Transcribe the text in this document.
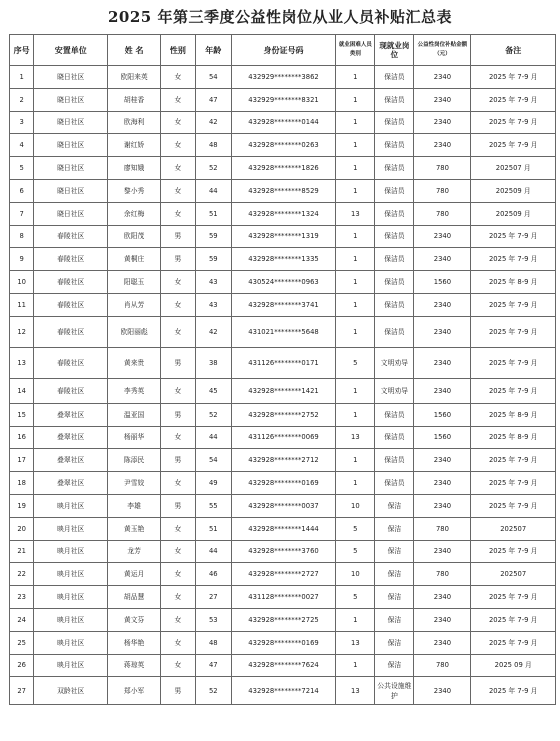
2025 年第三季度公益性岗位从业人员补贴汇总表
序号	安置单位	姓 名	性别	年龄	身份证号码	就业困难人员类别	现就业岗位	公益性岗位补贴金额（元）	备注
1	晓日社区	欧阳来英	女	54	432929********3862	1	保洁员	2340	2025 年 7-9 月
2	晓日社区	胡桂香	女	47	432929********8321	1	保洁员	2340	2025 年 7-9 月
3	晓日社区	欧海利	女	42	432928********0144	1	保洁员	2340	2025 年 7-9 月
4	晓日社区	谢红娇	女	48	432928********0263	1	保洁员	2340	2025 年 7-9 月
5	晓日社区	廖知娥	女	52	432928********1826	1	保洁员	780	202507 月
6	晓日社区	黎小秀	女	44	432928********8529	1	保洁员	780	202509 月
7	晓日社区	余红梅	女	51	432928********1324	13	保洁员	780	202509 月
8	春陵社区	欧阳茂	男	59	432928********1319	1	保洁员	2340	2025 年 7-9 月
9	春陵社区	黄桐庄	男	59	432928********1335	1	保洁员	2340	2025 年 7-9 月
10	春陵社区	阳聪玉	女	43	430524********0963	1	保洁员	1560	2025 年 8-9 月
11	春陵社区	肖从芳	女	43	432928********3741	1	保洁员	2340	2025 年 7-9 月
12	春陵社区	欧阳丽彪	女	42	431021********5648	1	保洁员	2340	2025 年 7-9 月
13	春陵社区	黄来贵	男	38	431126********0171	5	文明劝导	2340	2025 年 7-9 月
14	春陵社区	李秀英	女	45	432928********1421	1	文明劝导	2340	2025 年 7-9 月
15	叠翠社区	温亚国	男	52	432928********2752	1	保洁员	1560	2025 年 8-9 月
16	叠翠社区	杨丽华	女	44	431126********0069	13	保洁员	1560	2025 年 8-9 月
17	叠翠社区	陈添民	男	54	432928********2712	1	保洁员	2340	2025 年 7-9 月
18	叠翠社区	尹雪姣	女	49	432928********0169	1	保洁员	2340	2025 年 7-9 月
19	映月社区	李雄	男	55	432928********0037	10	保洁	2340	2025 年 7-9 月
20	映月社区	黄玉艳	女	51	432928********1444	5	保洁	780	202507
21	映月社区	龙芳	女	44	432928********3760	5	保洁	2340	2025 年 7-9 月
22	映月社区	黄运月	女	46	432928********2727	10	保洁	780	202507
23	映月社区	胡品慧	女	27	431128********0027	5	保洁	2340	2025 年 7-9 月
24	映月社区	黄文芬	女	53	432928********2725	1	保洁	2340	2025 年 7-9 月
25	映月社区	杨华艳	女	48	432928********0169	13	保洁	2340	2025 年 7-9 月
26	映月社区	蒋琼英	女	47	432928********7624	1	保洁	780	2025 09 月
27	双龄社区	郑小军	男	52	432928********7214	13	公共设施维护	2340	2025 年 7-9 月
